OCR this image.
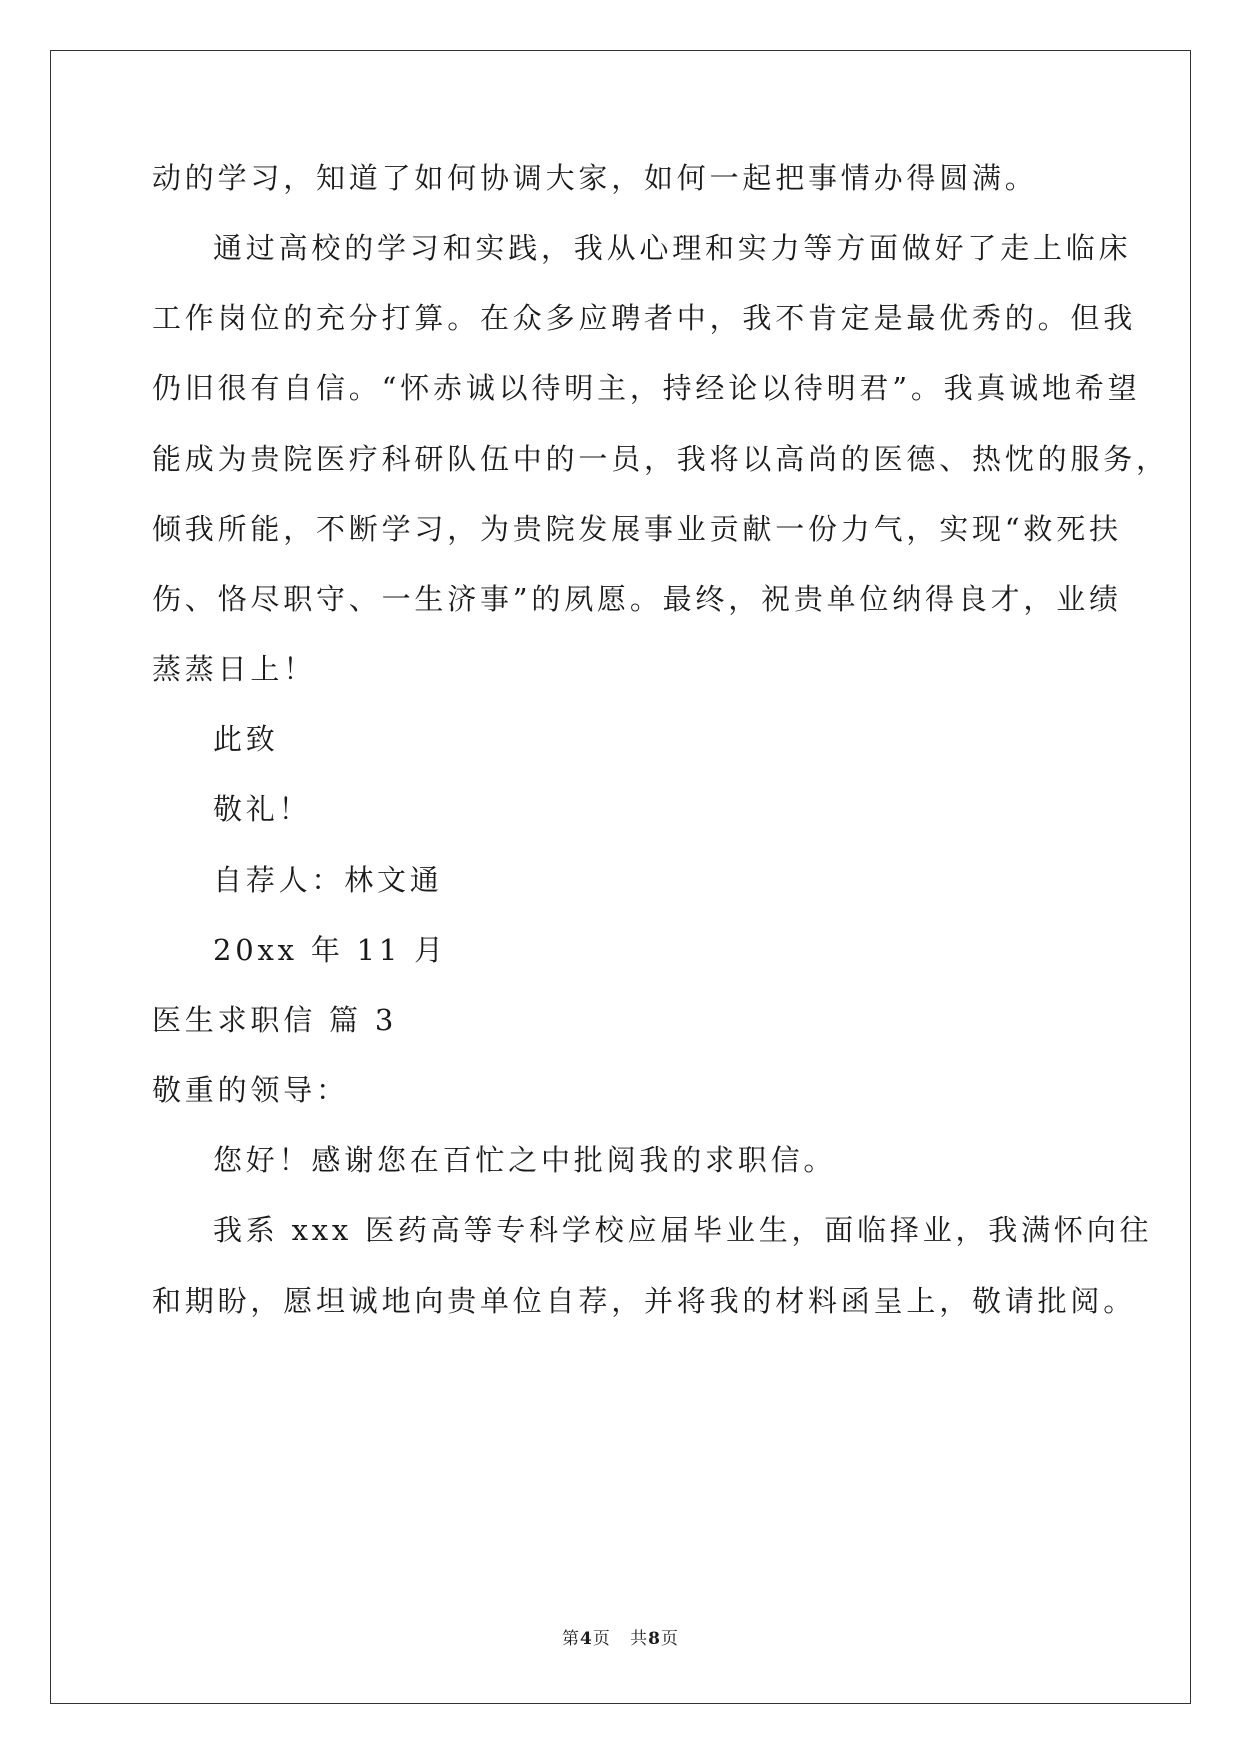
动的学习，知道了如何协调大家，如何一起把事情办得圆满。
通过高校的学习和实践，我从心理和实力等方面做好了走上临床
工作岗位的充分打算。在众多应聘者中，我不肯定是最优秀的。但我
仍旧很有自信。“怀赤诚以待明主，持经论以待明君”。我真诚地希望
能成为贵院医疗科研队伍中的一员，我将以高尚的医德、热忱的服务，
倾我所能，不断学习，为贵院发展事业贡献一份力气，实现“救死扶
伤、恪尽职守、一生济事”的夙愿。最终，祝贵单位纳得良才，业绩
蒸蒸日上！
此致
敬礼！
自荐人：林文通
20xx 年 11 月
医生求职信 篇 3
敬重的领导：
您好！感谢您在百忙之中批阅我的求职信。
我系 xxx 医药高等专科学校应届毕业生，面临择业，我满怀向往
和期盼，愿坦诚地向贵单位自荐，并将我的材料函呈上，敬请批阅。
第4页   共8页
